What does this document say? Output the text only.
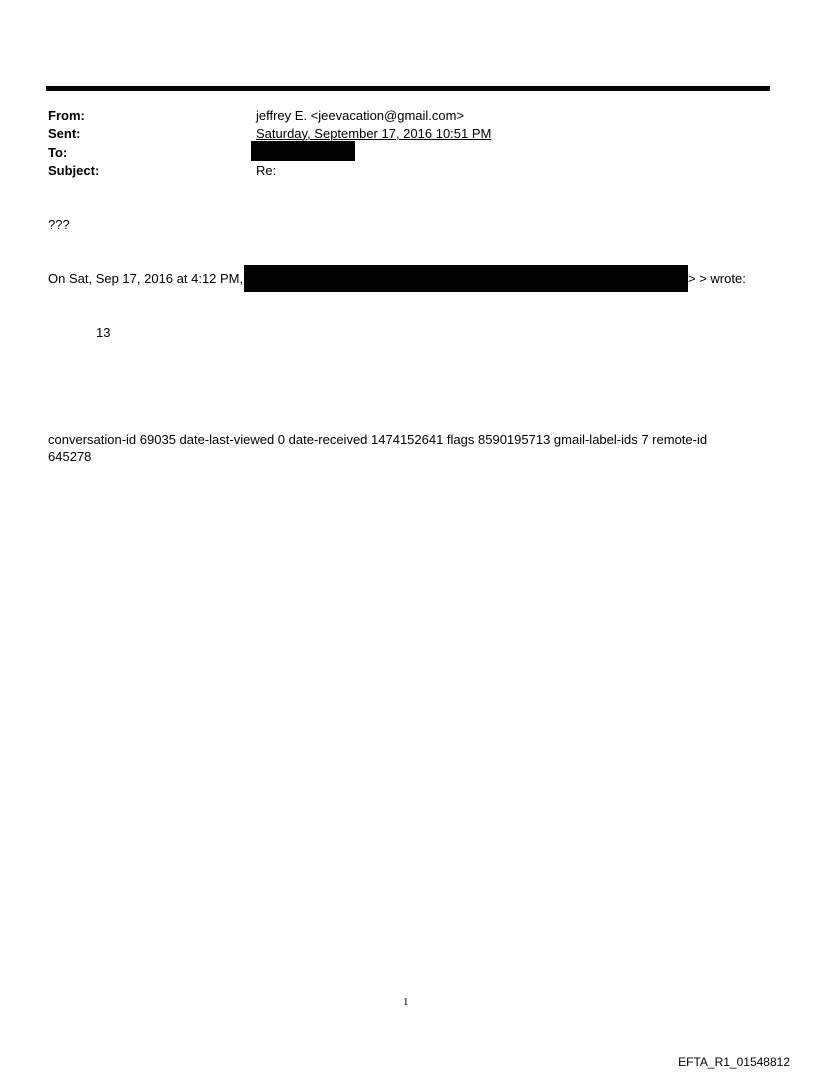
From:	jeffrey E. <jeevacation@gmail.com>
Sent:	Saturday, September 17, 2016 10:51 PM
To:
Subject:	Re:
???
On Sat, Sep 17, 2016 at 4:12 PM,	> > wrote:
13
conversation-id 69035 date-last-viewed 0 date-received 1474152641 flags 8590195713 gmail-label-ids 7 remote-id 645278
1
EFTA_R1_01548812
